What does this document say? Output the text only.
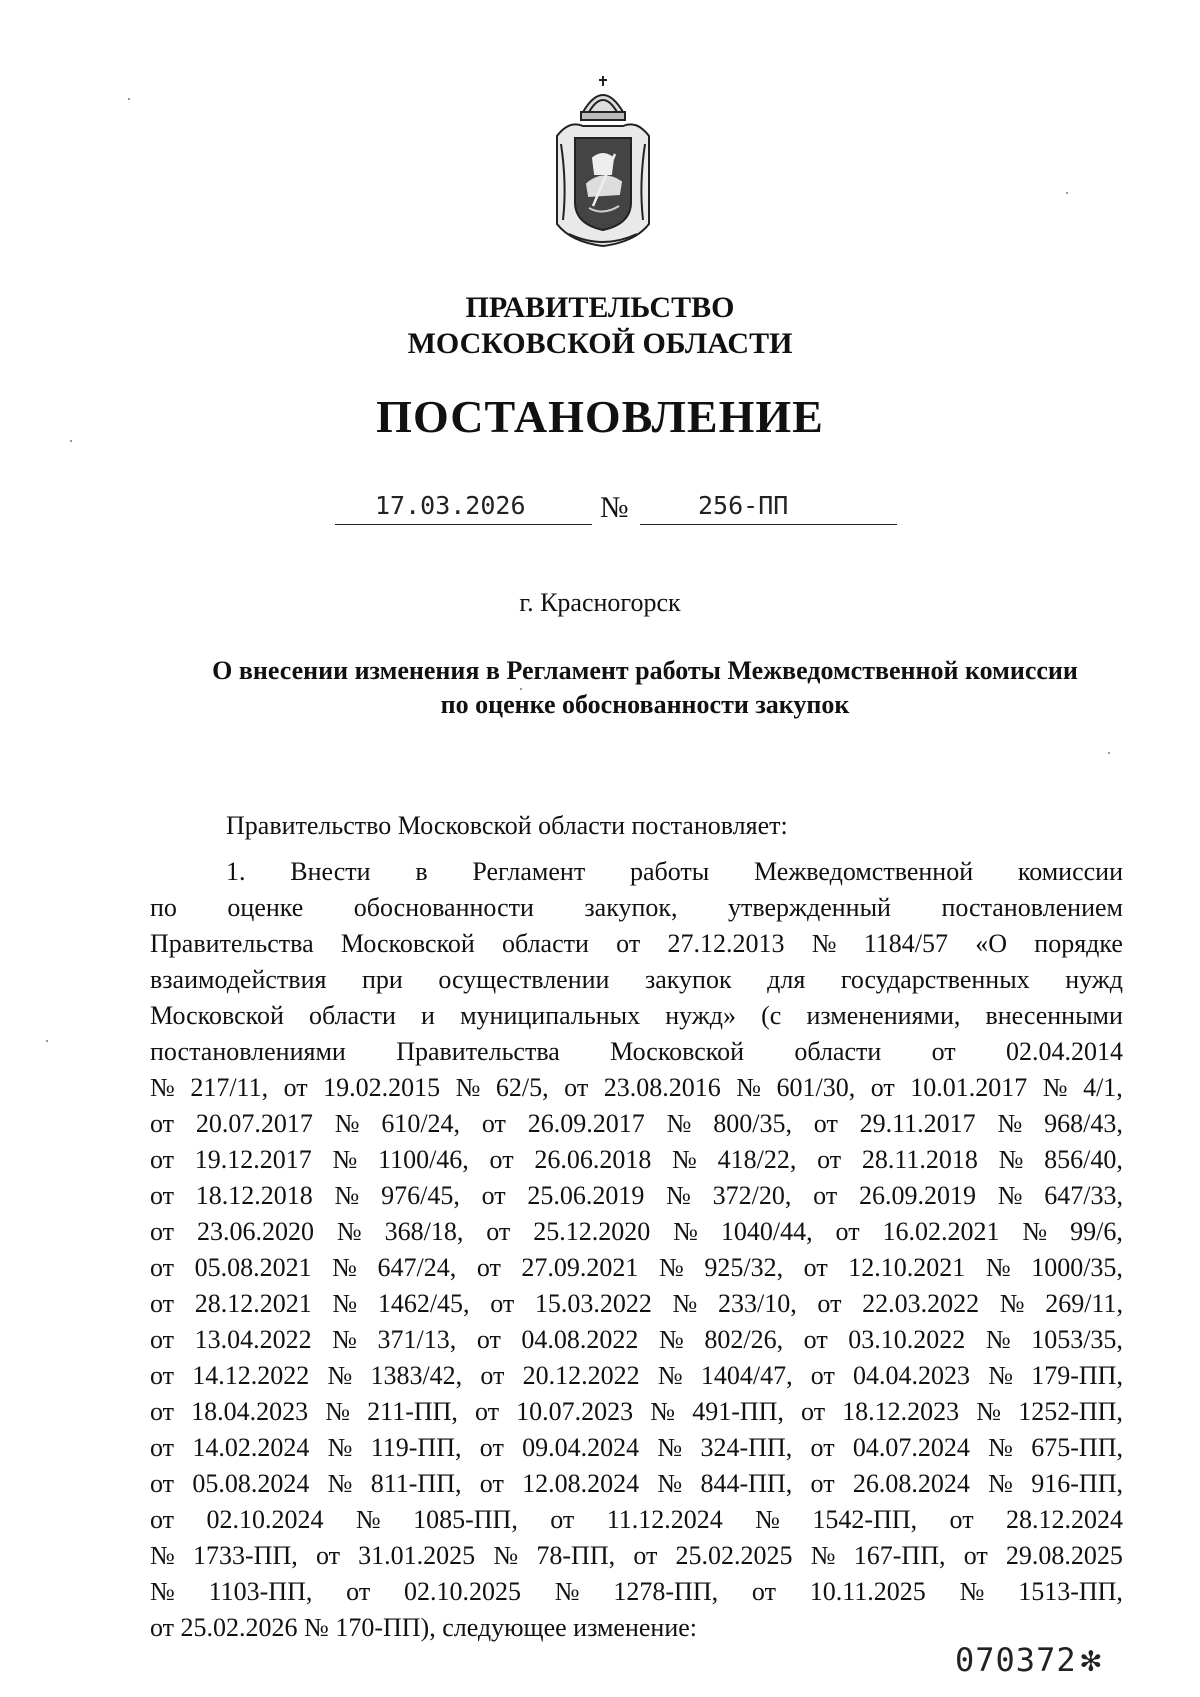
ПРАВИТЕЛЬСТВО
МОСКОВСКОЙ ОБЛАСТИ
ПОСТАНОВЛЕНИЕ
17.03.2026 №	256-ПП
г. Красногорск
О внесении изменения в Регламент работы Межведомственной комиссии
по оценке обоснованности закупок
Правительство Московской области постановляет:
1. Внести в Регламент работы Межведомственной комиссии
по оценке обоснованности закупок, утвержденный постановлением
Правительства Московской области от 27.12.2013 № 1184/57 «О порядке
взаимодействия при осуществлении закупок для государственных нужд
Московской области и муниципальных нужд» (с изменениями, внесенными
постановлениями Правительства Московской области от 02.04.2014
№ 217/11, от 19.02.2015 № 62/5, от 23.08.2016 № 601/30, от 10.01.2017 № 4/1,
от 20.07.2017 № 610/24, от 26.09.2017 № 800/35, от 29.11.2017 № 968/43,
от 19.12.2017 № 1100/46, от 26.06.2018 № 418/22, от 28.11.2018 № 856/40,
от 18.12.2018 № 976/45, от 25.06.2019 № 372/20, от 26.09.2019 № 647/33,
от 23.06.2020 № 368/18, от 25.12.2020 № 1040/44, от 16.02.2021 № 99/6,
от 05.08.2021 № 647/24, от 27.09.2021 № 925/32, от 12.10.2021 № 1000/35,
от 28.12.2021 № 1462/45, от 15.03.2022 № 233/10, от 22.03.2022 № 269/11,
от 13.04.2022 № 371/13, от 04.08.2022 № 802/26, от 03.10.2022 № 1053/35,
от 14.12.2022 № 1383/42, от 20.12.2022 № 1404/47, от 04.04.2023 № 179-ПП,
от 18.04.2023 № 211-ПП, от 10.07.2023 № 491-ПП, от 18.12.2023 № 1252-ПП,
от 14.02.2024 № 119-ПП, от 09.04.2024 № 324-ПП, от 04.07.2024 № 675-ПП,
от 05.08.2024 № 811-ПП, от 12.08.2024 № 844-ПП, от 26.08.2024 № 916-ПП,
от 02.10.2024 № 1085-ПП, от 11.12.2024 № 1542-ПП, от 28.12.2024
№ 1733-ПП, от 31.01.2025 № 78-ПП, от 25.02.2025 № 167-ПП, от 29.08.2025
№ 1103-ПП, от 02.10.2025 № 1278-ПП, от 10.11.2025 № 1513-ПП,
от 25.02.2026 № 170-ПП), следующее изменение:
070372 ✻
